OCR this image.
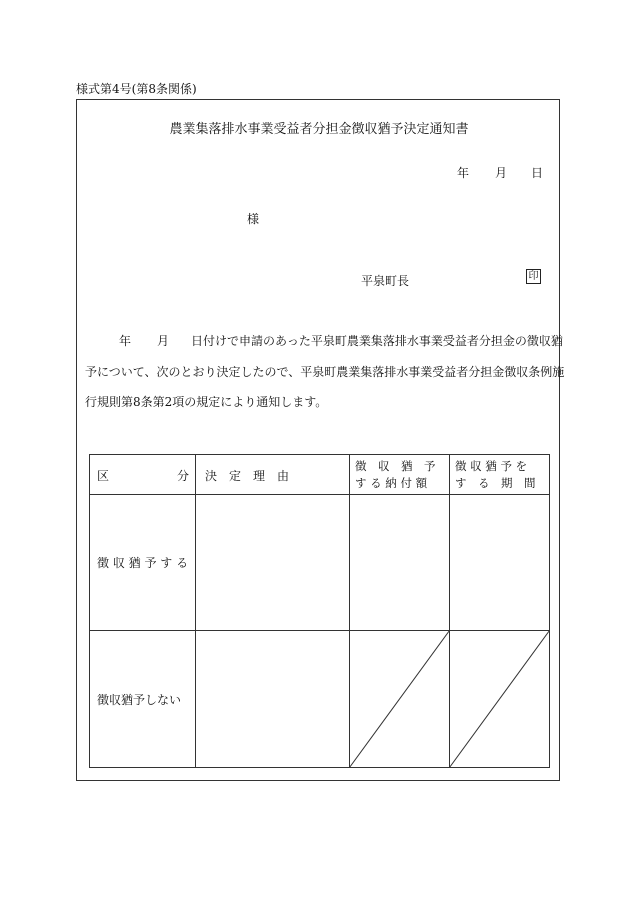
様式第4号(第8条関係)
農業集落排水事業受益者分担金徴収猶予決定通知書
年 月 日
様
平泉町長	印
年 月 日付けで申請のあった平泉町農業集落排水事業受益者分担金の徴収猶
予について、次のとおり決定したので、平泉町農業集落排水事業受益者分担金徴収条例施
行規則第8条第2項の規定により通知します。
区	分 決　定　理　由
徴　収　猶　予
す る 納 付 額
徴 収 猶 予 を
す　る　期　間
徴 収 猶 予 す る
徴収猶予しない
